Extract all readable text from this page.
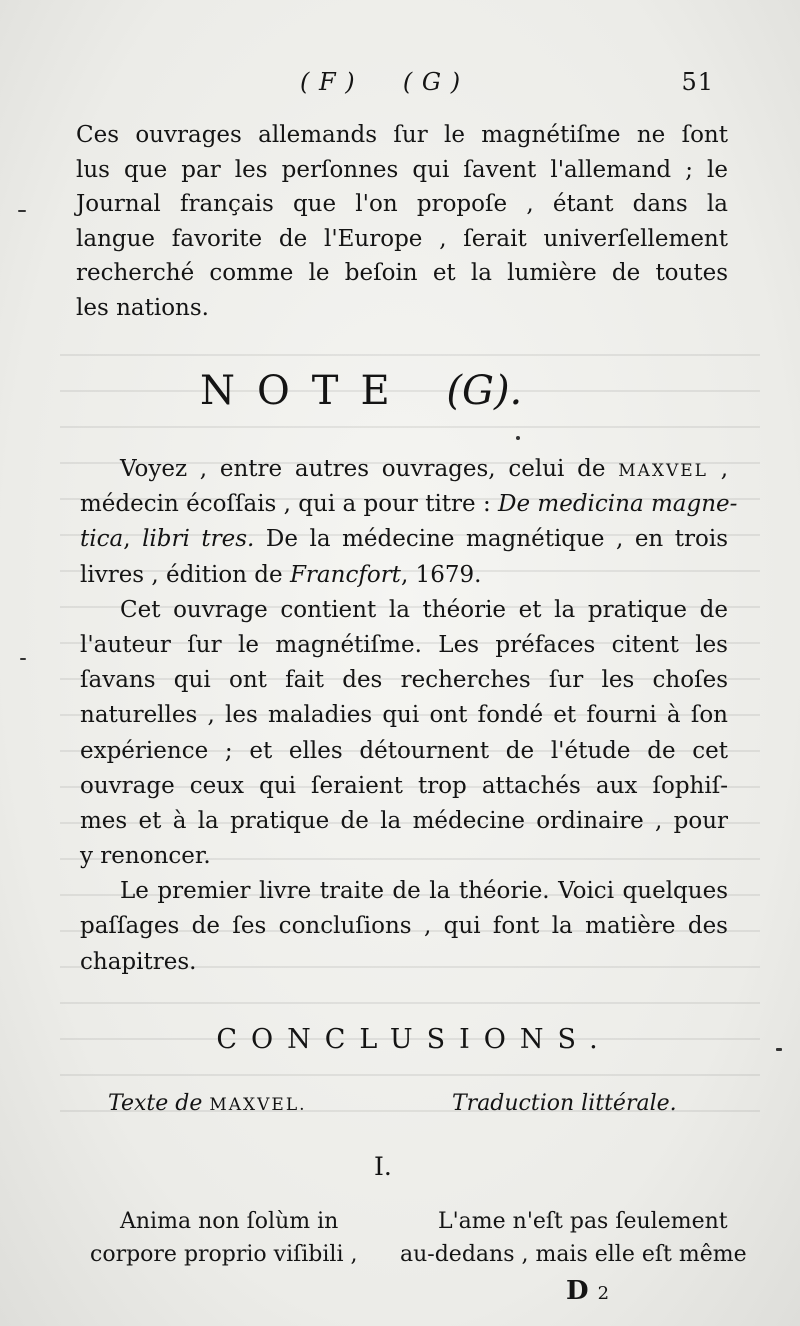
( F ) ( G )	51
Ces ouvrages allemands ſur le magnétiſme ne ſont
lus que par les perſonnes qui ſavent l'allemand ; le
Journal français que l'on propoſe , étant dans la
langue favorite de l'Europe , ſerait univerſellement
recherché comme le beſoin et la lumière de toutes
les nations.
NOTE (G).
Voyez , entre autres ouvrages, celui de MAXVEL ,
médecin écoſſais , qui a pour titre : De medicina magne-
tica, libri tres. De la médecine magnétique , en trois
livres , édition de Francfort, 1679.
Cet ouvrage contient la théorie et la pratique de
l'auteur ſur le magnétiſme. Les préfaces citent les
ſavans qui ont fait des recherches ſur les choſes
naturelles , les maladies qui ont fondé et fourni à ſon
expérience ; et elles détournent de l'étude de cet
ouvrage ceux qui ſeraient trop attachés aux ſophiſ-
mes et à la pratique de la médecine ordinaire , pour
y renoncer.
Le premier livre traite de la théorie. Voici quelques
paſſages de ſes concluſions , qui font la matière des
chapitres.
CONCLUSIONS.
Texte de MAXVEL.	Traduction littérale.
I.
Anima non ſolùm in
corpore proprio viſibili ,
L'ame n'eſt pas ſeulement
au-dedans , mais elle eſt même
D 2
